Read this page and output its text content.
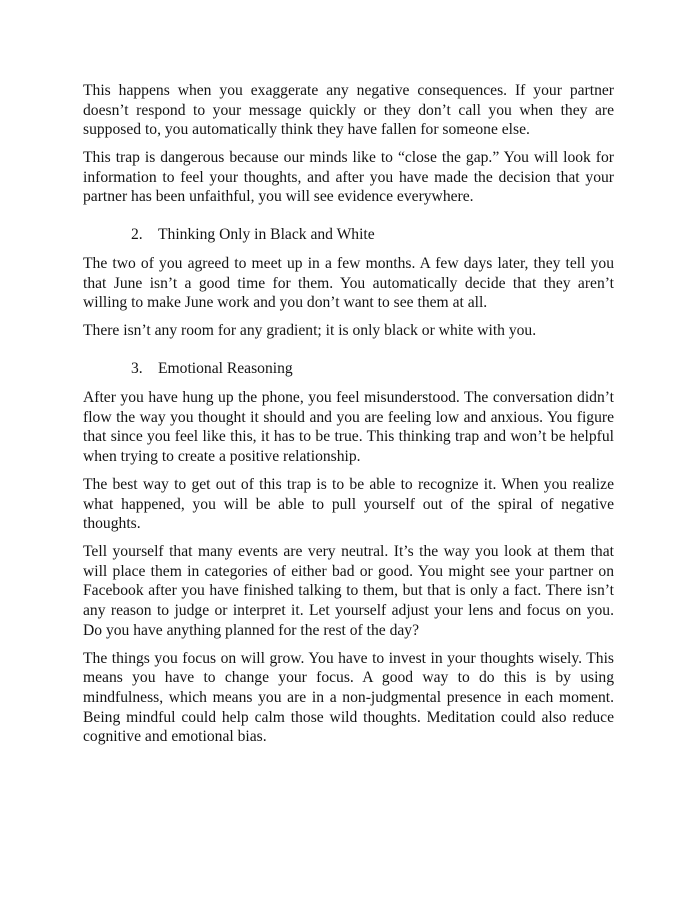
This happens when you exaggerate any negative consequences. If your partner doesn’t respond to your message quickly or they don’t call you when they are supposed to, you automatically think they have fallen for someone else.

This trap is dangerous because our minds like to “close the gap.” You will look for information to feel your thoughts, and after you have made the decision that your partner has been unfaithful, you will see evidence everywhere.

2. Thinking Only in Black and White

The two of you agreed to meet up in a few months. A few days later, they tell you that June isn’t a good time for them. You automatically decide that they aren’t willing to make June work and you don’t want to see them at all.

There isn’t any room for any gradient; it is only black or white with you.

3. Emotional Reasoning

After you have hung up the phone, you feel misunderstood. The conversation didn’t flow the way you thought it should and you are feeling low and anxious. You figure that since you feel like this, it has to be true. This thinking trap and won’t be helpful when trying to create a positive relationship.

The best way to get out of this trap is to be able to recognize it. When you realize what happened, you will be able to pull yourself out of the spiral of negative thoughts.

Tell yourself that many events are very neutral. It’s the way you look at them that will place them in categories of either bad or good. You might see your partner on Facebook after you have finished talking to them, but that is only a fact. There isn’t any reason to judge or interpret it. Let yourself adjust your lens and focus on you. Do you have anything planned for the rest of the day?

The things you focus on will grow. You have to invest in your thoughts wisely. This means you have to change your focus. A good way to do this is by using mindfulness, which means you are in a non-judgmental presence in each moment. Being mindful could help calm those wild thoughts. Meditation could also reduce cognitive and emotional bias.
